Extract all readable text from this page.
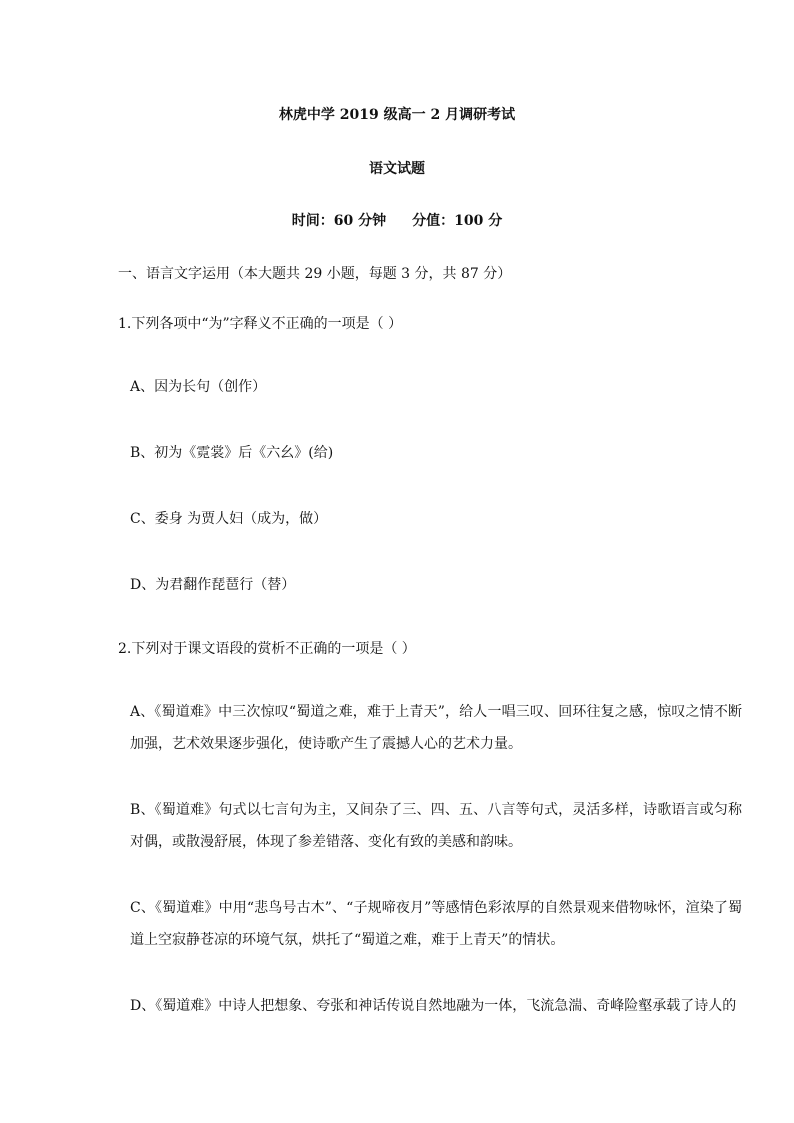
林虎中学 2019 级高一 2 月调研考试
语文试题
时间：60 分钟 分值：100 分
一、语言文字运用（本大题共 29 小题，每题 3 分，共 87 分）
1.下列各项中“为”字释义不正确的一项是（ ）
A、因为长句（创作）
B、初为《霓裳》后《六幺》(给)
C、委身 为贾人妇（成为，做）
D、为君翻作琵琶行（替）
2.下列对于课文语段的赏析不正确的一项是（ ）
A、《蜀道难》中三次惊叹“蜀道之难，难于上青天”，给人一唱三叹、回环往复之感，惊叹之情不断加强，艺术效果逐步强化，使诗歌产生了震撼人心的艺术力量。
B、《蜀道难》句式以七言句为主，又间杂了三、四、五、八言等句式，灵活多样，诗歌语言或匀称对偶，或散漫舒展，体现了参差错落、变化有致的美感和韵味。
C、《蜀道难》中用“悲鸟号古木”、“子规啼夜月”等感情色彩浓厚的自然景观来借物咏怀，渲染了蜀道上空寂静苍凉的环境气氛，烘托了“蜀道之难，难于上青天”的情状。
D、《蜀道难》中诗人把想象、夸张和神话传说自然地融为一体，飞流急湍、奇峰险壑承载了诗人的
